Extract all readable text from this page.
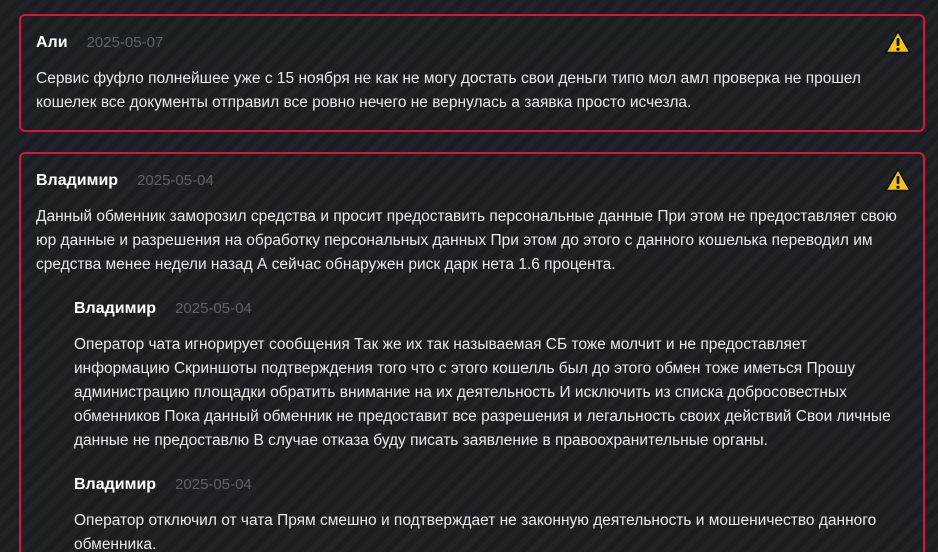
Али 2025-05-07

Сервис фуфло полнейшее уже с 15 ноября не как не могу достать свои деньги типо мол амл проверка не прошел кошелек все документы отправил все ровно нечего не вернулась а заявка просто исчезла.

Владимир 2025-05-04

Данный обменник заморозил средства и просит предоставить персональные данные При этом не предоставляет свою юр данные и разрешения на обработку персональных данных При этом до этого с данного кошелька переводил им средства менее недели назад А сейчас обнаружен риск дарк нета 1.6 процента.

Владимир 2025-05-04

Оператор чата игнорирует сообщения Так же их так называемая СБ тоже молчит и не предоставляет информацию Скриншоты подтверждения того что с этого кошелль был до этого обмен тоже иметься Прошу администрацию площадки обратить внимание на их деятельность И исключить из списка добросовестных обменников Пока данный обменник не предоставит все разрешения и легальность своих действий Свои личные данные не предоставлю В случае отказа буду писать заявление в правоохранительные органы.

Владимир 2025-05-04

Оператор отключил от чата Прям смешно и подтверждает не законную деятельность и мошеничество данного обменника.
